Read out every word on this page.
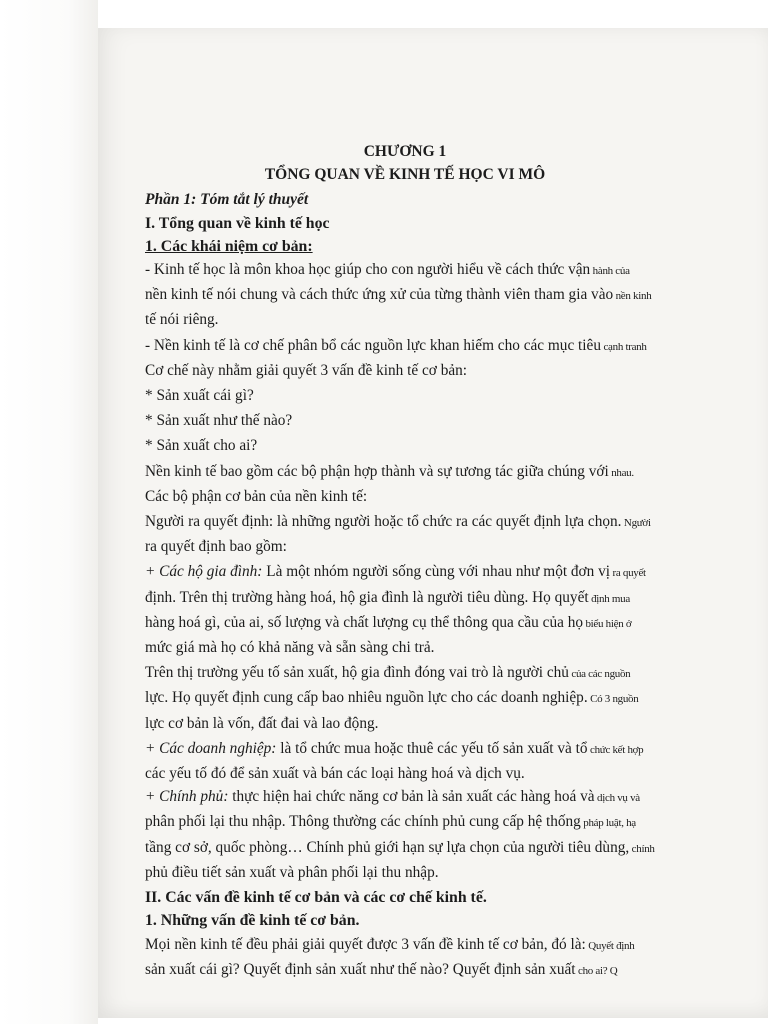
CHƯƠNG 1
TỔNG QUAN VỀ KINH TẾ HỌC VI MÔ
Phần 1: Tóm tắt lý thuyết
I. Tổng quan về kinh tế học
1. Các khái niệm cơ bản:
- Kinh tế học là môn khoa học giúp cho con người hiểu về cách thức vận hành của
nền kinh tế nói chung và cách thức ứng xử của từng thành viên tham gia vào nền kinh
tế nói riêng.
- Nền kinh tế là cơ chế phân bổ các nguồn lực khan hiếm cho các mục tiêu cạnh tranh
Cơ chế này nhằm giải quyết 3 vấn đề kinh tế cơ bản:
* Sản xuất cái gì?
* Sản xuất như thế nào?
* Sản xuất cho ai?
Nền kinh tế bao gồm các bộ phận hợp thành và sự tương tác giữa chúng với nhau.
Các bộ phận cơ bản của nền kinh tế:
Người ra quyết định: là những người hoặc tổ chức ra các quyết định lựa chọn. Người
ra quyết định bao gồm:
+ Các hộ gia đình: Là một nhóm người sống cùng với nhau như một đơn vị ra quyết
định. Trên thị trường hàng hoá, hộ gia đình là người tiêu dùng. Họ quyết định mua
hàng hoá gì, của ai, số lượng và chất lượng cụ thể thông qua cầu của họ biểu hiện ở
mức giá mà họ có khả năng và sẵn sàng chi trả.
Trên thị trường yếu tố sản xuất, hộ gia đình đóng vai trò là người chủ của các nguồn
lực. Họ quyết định cung cấp bao nhiêu nguồn lực cho các doanh nghiệp. Có 3 nguồn
lực cơ bản là vốn, đất đai và lao động.
+ Các doanh nghiệp: là tổ chức mua hoặc thuê các yếu tố sản xuất và tổ chức kết hợp
các yếu tố đó để sản xuất và bán các loại hàng hoá và dịch vụ.
+ Chính phủ: thực hiện hai chức năng cơ bản là sản xuất các hàng hoá và dịch vụ và
phân phối lại thu nhập. Thông thường các chính phủ cung cấp hệ thống pháp luật, hạ
tầng cơ sở, quốc phòng… Chính phủ giới hạn sự lựa chọn của người tiêu dùng, chính
phủ điều tiết sản xuất và phân phối lại thu nhập.
II. Các vấn đề kinh tế cơ bản và các cơ chế kinh tế.
1. Những vấn đề kinh tế cơ bản.
Mọi nền kinh tế đều phải giải quyết được 3 vấn đề kinh tế cơ bản, đó là: Quyết định
sản xuất cái gì? Quyết định sản xuất như thế nào? Quyết định sản xuất cho ai? Q
